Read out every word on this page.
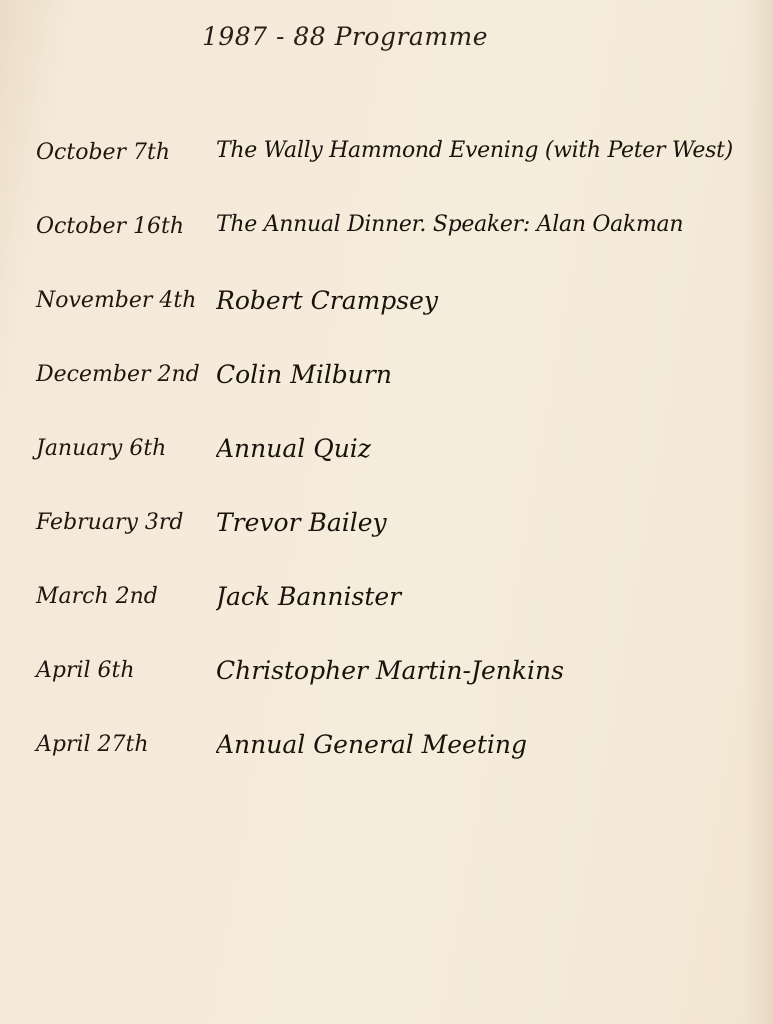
1987 - 88 Programme
October 7th	The Wally Hammond Evening (with Peter West)
October 16th	The Annual Dinner. Speaker: Alan Oakman
November 4th Robert Crampsey
December 2nd Colin Milburn
January 6th	Annual Quiz
February 3rd	Trevor Bailey
March 2nd	Jack Bannister
April 6th	Christopher Martin-Jenkins
April 27th	Annual General Meeting
